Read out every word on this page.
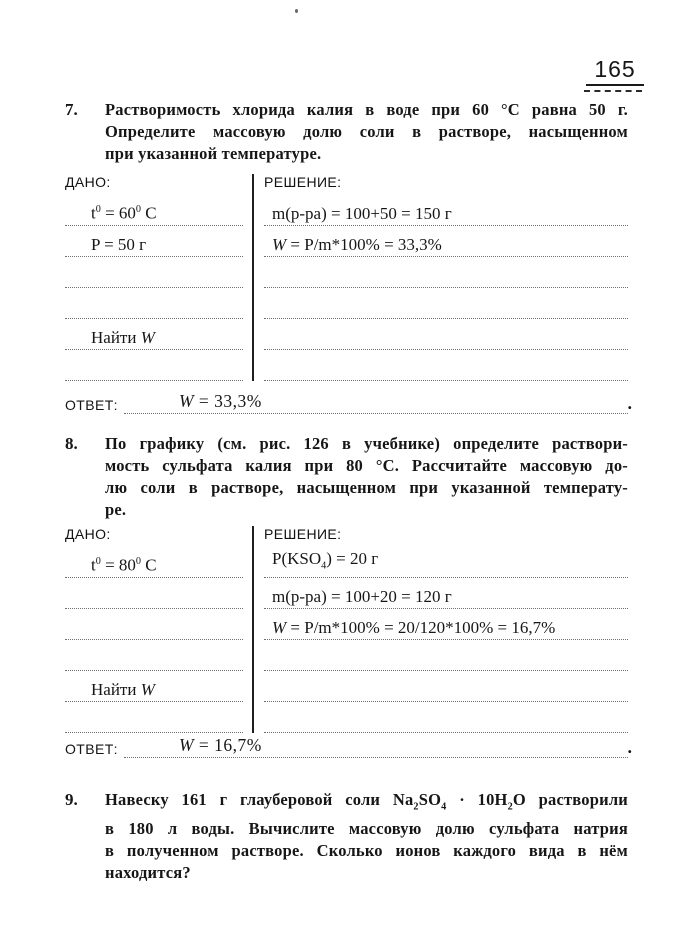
165
7.	Растворимость хлорида калия в воде при 60 °C равна 50 г.
Определите массовую долю соли в растворе, насыщенном
при указанной температуре.
ДАНО:
$t^0 = 60^0$ С
P = 50 г
Найти W
РЕШЕНИЕ:
m(p-pa) = 100+50 = 150 г
W = P/m*100% = 33,3%
ОТВЕТ:	W = 33,3%	.
8.	По графику (см. рис. 126 в учебнике) определите раствори-
мость сульфата калия при 80 °C. Рассчитайте массовую до-
лю соли в растворе, насыщенном при указанной температу-
ре.
ДАНО:
$t^0 = 80^0$ С
Найти W
РЕШЕНИЕ:
$P(KSO_4) = 20$ г
m(p-pa) = 100+20 = 120 г
W = P/m*100% = 20/120*100% = 16,7%
ОТВЕТ:	W = 16,7%	.
9.	Навеску 161 г глауберовой соли $Na_2SO_4 \cdot 10H_2O$ растворили
в 180 л воды. Вычислите массовую долю сульфата натрия
в полученном растворе. Сколько ионов каждого вида в нём
находится?
